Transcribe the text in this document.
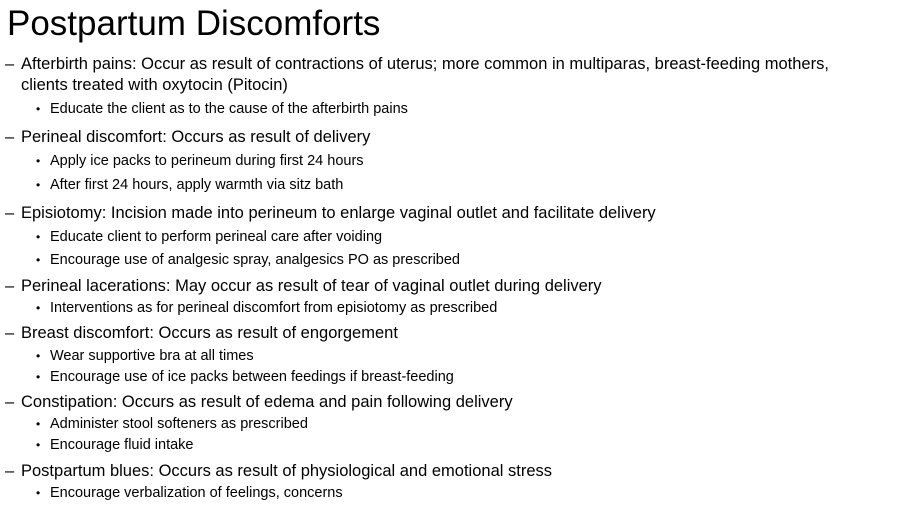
Postpartum Discomforts
– Afterbirth pains: Occur as result of contractions of uterus; more common in multiparas, breast-feeding mothers, clients treated with oxytocin (Pitocin)
• Educate the client as to the cause of the afterbirth pains
– Perineal discomfort: Occurs as result of delivery
• Apply ice packs to perineum during first 24 hours
• After first 24 hours, apply warmth via sitz bath
– Episiotomy: Incision made into perineum to enlarge vaginal outlet and facilitate delivery
• Educate client to perform perineal care after voiding
• Encourage use of analgesic spray, analgesics PO as prescribed
– Perineal lacerations: May occur as result of tear of vaginal outlet during delivery
• Interventions as for perineal discomfort from episiotomy as prescribed
– Breast discomfort: Occurs as result of engorgement
• Wear supportive bra at all times
• Encourage use of ice packs between feedings if breast-feeding
– Constipation: Occurs as result of edema and pain following delivery
• Administer stool softeners as prescribed
• Encourage fluid intake
– Postpartum blues: Occurs as result of physiological and emotional stress
• Encourage verbalization of feelings, concerns
